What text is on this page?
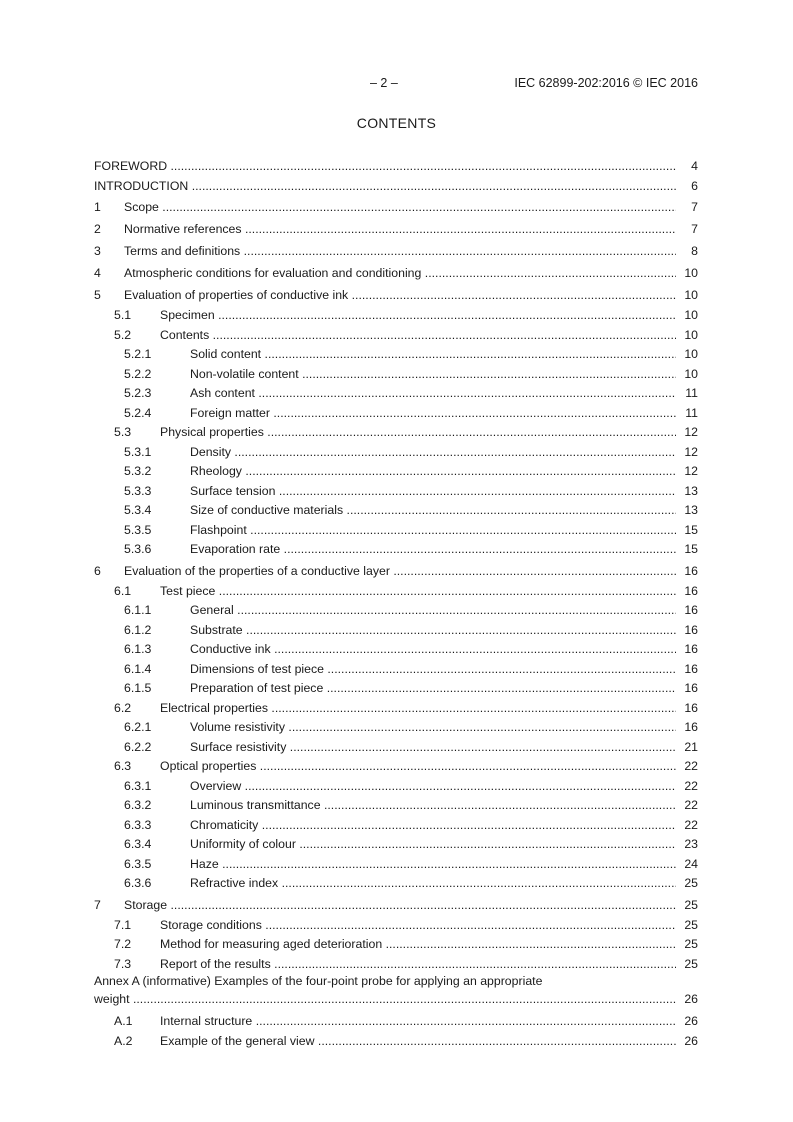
– 2 –	IEC 62899-202:2016 © IEC 2016
CONTENTS
FOREWORD .....	4
INTRODUCTION .....	6
1 Scope .....	7
2 Normative references .....	7
3 Terms and definitions .....	8
4 Atmospheric conditions for evaluation and conditioning .....	10
5 Evaluation of properties of conductive ink .....	10
5.1 Specimen .....	10
5.2 Contents .....	10
5.2.1	Solid content .....	10
5.2.2	Non-volatile content .....	10
5.2.3	Ash content .....	11
5.2.4	Foreign matter .....	11
5.3 Physical properties .....	12
5.3.1	Density .....	12
5.3.2	Rheology .....	12
5.3.3	Surface tension .....	13
5.3.4	Size of conductive materials .....	13
5.3.5	Flashpoint .....	15
5.3.6	Evaporation rate .....	15
6 Evaluation of the properties of a conductive layer .....	16
6.1 Test piece .....	16
6.1.1	General .....	16
6.1.2	Substrate .....	16
6.1.3	Conductive ink .....	16
6.1.4	Dimensions of test piece .....	16
6.1.5	Preparation of test piece .....	16
6.2 Electrical properties .....	16
6.2.1	Volume resistivity .....	16
6.2.2	Surface resistivity .....	21
6.3 Optical properties .....	22
6.3.1	Overview .....	22
6.3.2	Luminous transmittance .....	22
6.3.3	Chromaticity .....	22
6.3.4	Uniformity of colour .....	23
6.3.5	Haze .....	24
6.3.6	Refractive index .....	25
7 Storage .....	25
7.1 Storage conditions .....	25
7.2 Method for measuring aged deterioration .....	25
7.3 Report of the results .....	25
Annex A (informative) Examples of the four-point probe for applying an appropriate
weight .....	26
A.1 Internal structure .....	26
A.2 Example of the general view .....	26
